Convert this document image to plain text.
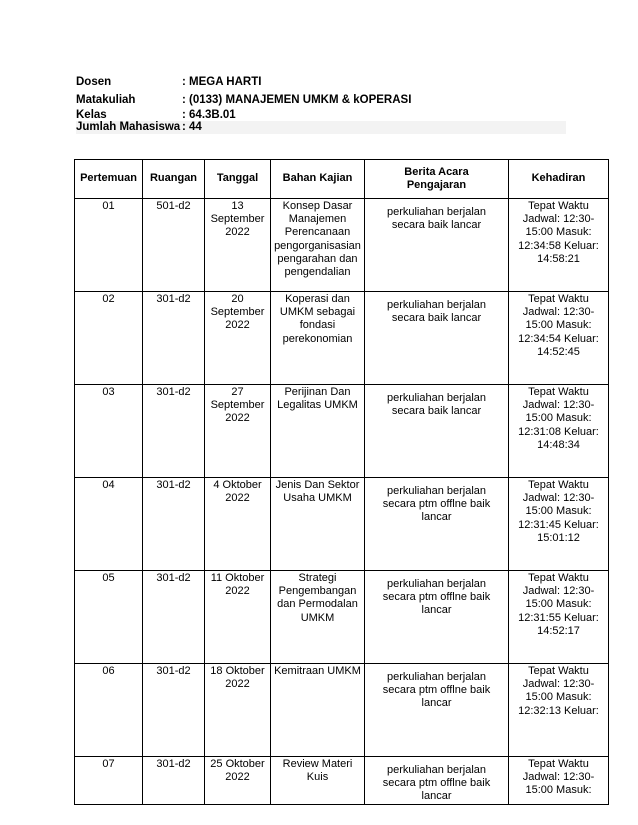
Dosen	: MEGA HARTI
Matakuliah	: (0133) MANAJEMEN UMKM & kOPERASI
Kelas	: 64.3B.01
Jumlah Mahasiswa : 44
Pertemuan	Ruangan	Tanggal	Bahan Kajian	Berita Acara Pengajaran	Kehadiran

01	501-d2	13 September 2022	Konsep Dasar Manajemen Perencanaan pengorganisasian pengarahan dan pengendalian	perkuliahan berjalan secara baik lancar	Tepat Waktu Jadwal: 12:30-15:00 Masuk: 12:34:58 Keluar: 14:58:21

02	301-d2	20 September 2022	Koperasi dan UMKM sebagai fondasi perekonomian	perkuliahan berjalan secara baik lancar	Tepat Waktu Jadwal: 12:30-15:00 Masuk: 12:34:54 Keluar: 14:52:45

03	301-d2	27 September 2022	Perijinan Dan Legalitas UMKM	perkuliahan berjalan secara baik lancar	Tepat Waktu Jadwal: 12:30-15:00 Masuk: 12:31:08 Keluar: 14:48:34

04	301-d2	4 Oktober 2022	Jenis Dan Sektor Usaha UMKM	perkuliahan berjalan secara ptm offlne baik lancar	Tepat Waktu Jadwal: 12:30-15:00 Masuk: 12:31:45 Keluar: 15:01:12

05	301-d2	11 Oktober 2022	Strategi Pengembangan dan Permodalan UMKM	perkuliahan berjalan secara ptm offlne baik lancar	Tepat Waktu Jadwal: 12:30-15:00 Masuk: 12:31:55 Keluar: 14:52:17

06	301-d2	18 Oktober 2022	Kemitraan UMKM	perkuliahan berjalan secara ptm offlne baik lancar	Tepat Waktu Jadwal: 12:30-15:00 Masuk: 12:32:13 Keluar:

07	301-d2	25 Oktober 2022	Review Materi Kuis	perkuliahan berjalan secara ptm offlne baik lancar	Tepat Waktu Jadwal: 12:30-15:00 Masuk:
